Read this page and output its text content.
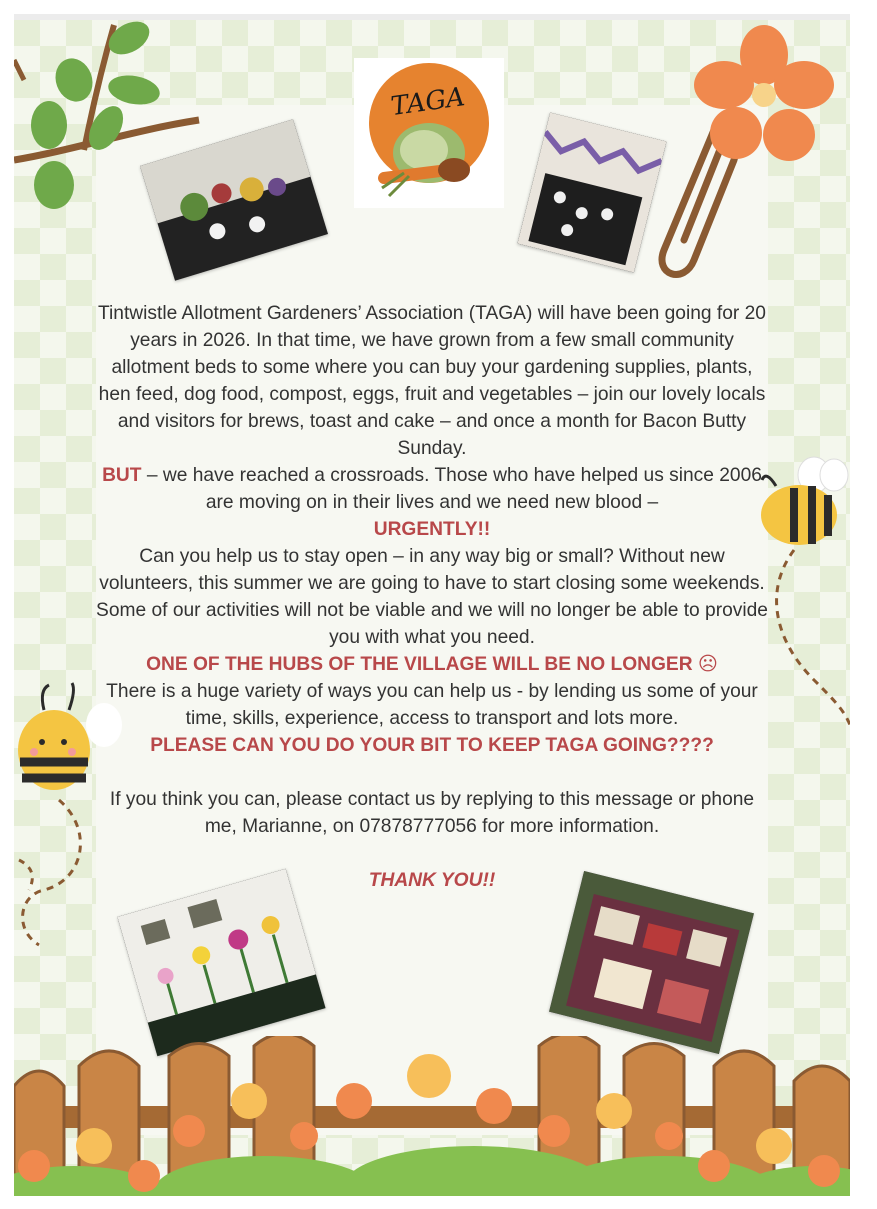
TAGA

Tintwistle Allotment Gardeners’ Association (TAGA) will have been going for 20 years in 2026. In that time, we have grown from a few small community allotment beds to some where you can buy your gardening supplies, plants, hen feed, dog food, compost, eggs, fruit and vegetables – join our lovely locals and visitors for brews, toast and cake – and once a month for Bacon Butty Sunday.

BUT – we have reached a crossroads. Those who have helped us since 2006 are moving on in their lives and we need new blood –

URGENTLY!!

Can you help us to stay open – in any way big or small? Without new volunteers, this summer we are going to have to start closing some weekends. Some of our activities will not be viable and we will no longer be able to provide you with what you need.

ONE OF THE HUBS OF THE VILLAGE WILL BE NO LONGER ☹

There is a huge variety of ways you can help us - by lending us some of your time, skills, experience, access to transport and lots more.

PLEASE CAN YOU DO YOUR BIT TO KEEP TAGA GOING????

If you think you can, please contact us by replying to this message or phone me, Marianne, on 07878777056 for more information.

THANK YOU!!
